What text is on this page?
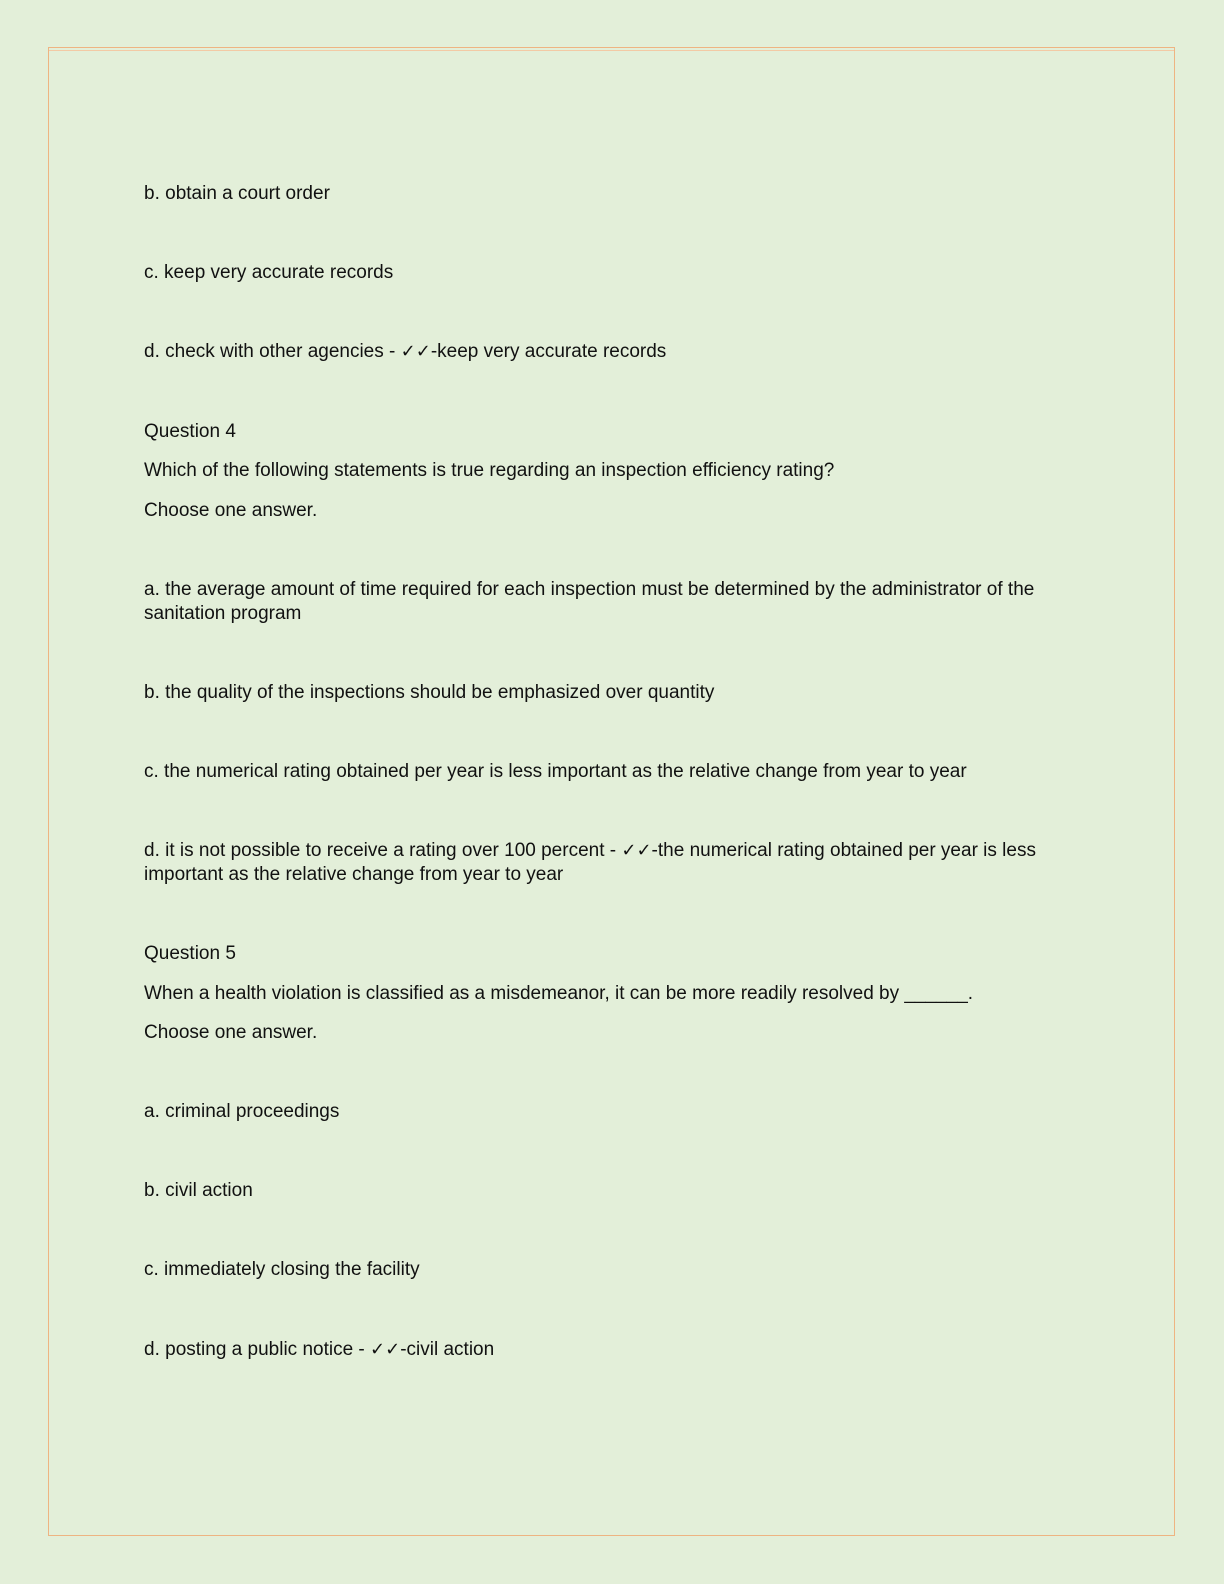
b. obtain a court order
c. keep very accurate records
d. check with other agencies - ✓✓-keep very accurate records
Question 4
Which of the following statements is true regarding an inspection efficiency rating?
Choose one answer.
a. the average amount of time required for each inspection must be determined by the administrator of the sanitation program
b. the quality of the inspections should be emphasized over quantity
c. the numerical rating obtained per year is less important as the relative change from year to year
d. it is not possible to receive a rating over 100 percent - ✓✓-the numerical rating obtained per year is less important as the relative change from year to year
Question 5
When a health violation is classified as a misdemeanor, it can be more readily resolved by ______.
Choose one answer.
a. criminal proceedings
b. civil action
c. immediately closing the facility
d. posting a public notice - ✓✓-civil action
